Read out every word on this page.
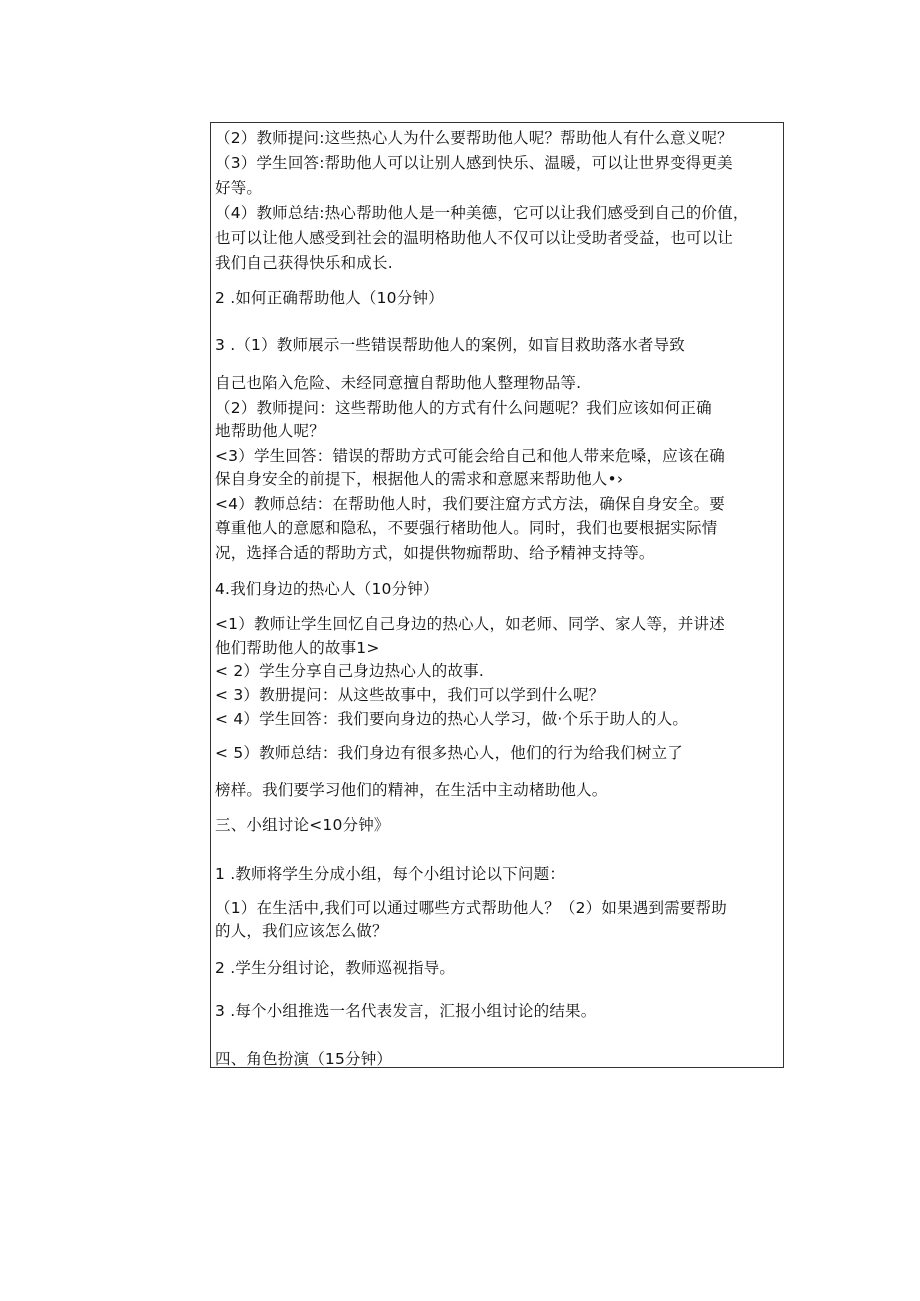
（2）教师提问:这些热心人为什么要帮助他人呢？帮助他人有什么意义呢？
（3）学生回答:帮助他人可以让别人感到快乐、温暖，可以让世界变得更美
好等。
（4）教师总结:热心帮助他人是一种美德，它可以让我们感受到自己的价值，
也可以让他人感受到社会的温明格助他人不仅可以让受助者受益，也可以让
我们自己获得快乐和成长.
2 .如何正确帮助他人（10分钟）
3 .（1）教师展示一些错误帮助他人的案例，如盲目救助落水者导致
自己也陷入危险、未经同意擅自帮助他人整理物品等.
（2）教师提问：这些帮助他人的方式有什么问题呢？我们应该如何正确
地帮助他人呢？
<3）学生回答：错误的帮助方式可能会给自己和他人带来危嗓，应该在确
保自身安全的前提下，根据他人的需求和意愿来帮助他人•›
<4）教师总结：在帮助他人时，我们要注窟方式方法，确保自身安全。要
尊重他人的意愿和隐私，不要强行楮助他人。同时，我们也要根据实际情
况，选择合适的帮助方式，如提供物痂帮助、给予精神支持等。
4.我们身边的热心人（10分钟）
<1）教师让学生回忆自己身边的热心人，如老师、同学、家人等，并讲述
他们帮助他人的故事1>
< 2）学生分享自己身边热心人的故事.
< 3）教册提问：从这些故事中，我们可以学到什么呢？
< 4）学生回答：我们要向身边的热心人学习，做·个乐于助人的人。
< 5）教师总结：我们身边有很多热心人，他们的行为给我们树立了
榜样。我们要学习他们的精神，在生活中主动楮助他人。
三、小组讨论<10分钟》
1 .教师将学生分成小组，每个小组讨论以下问题：
（1）在生活中,我们可以通过哪些方式帮助他人？（2）如果遇到需要帮助
的人，我们应该怎么做？
2 .学生分组讨论，教师巡视指导。
3 .每个小组推选一名代表发言，汇报小组讨论的结果。
四、角色扮演（15分钟）
